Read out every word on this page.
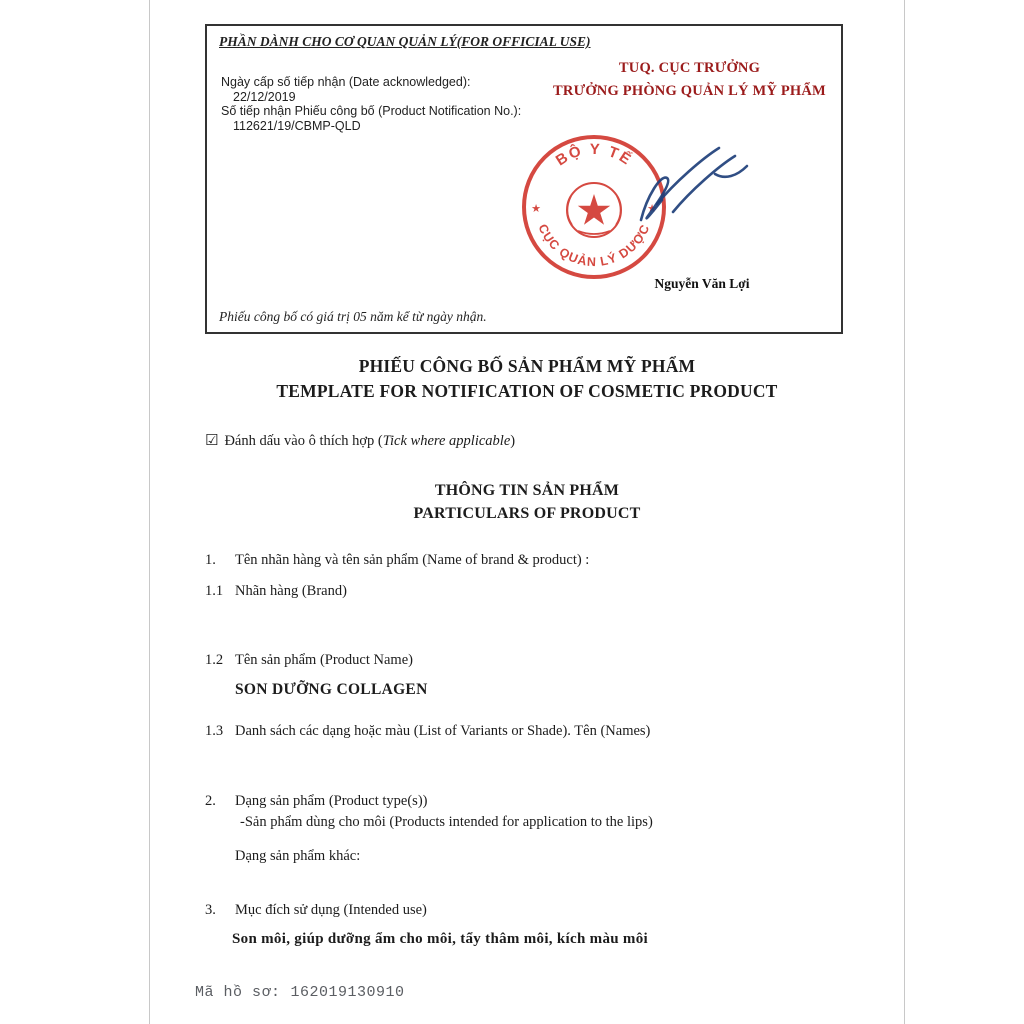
PHẦN DÀNH CHO CƠ QUAN QUẢN LÝ(FOR OFFICIAL USE)
Ngày cấp số tiếp nhận (Date acknowledged):
22/12/2019
Số tiếp nhận Phiếu công bố (Product Notification No.):
112621/19/CBMP-QLD
TUQ. CỤC TRƯỞNG
TRƯỞNG PHÒNG QUẢN LÝ MỸ PHẨM
BỘ Y TẾ
CỤC QUẢN LÝ DƯỢC
★	★
Nguyễn Văn Lợi
Phiếu công bố có giá trị 05 năm kể từ ngày nhận.
PHIẾU CÔNG BỐ SẢN PHẨM MỸ PHẨM
TEMPLATE FOR NOTIFICATION OF COSMETIC PRODUCT
☑ Đánh dấu vào ô thích hợp (Tick where applicable)
THÔNG TIN SẢN PHẨM
PARTICULARS OF PRODUCT
1. Tên nhãn hàng và tên sản phẩm (Name of brand & product) :
1.1 Nhãn hàng (Brand)
1.2 Tên sản phẩm (Product Name)
SON DƯỠNG COLLAGEN
1.3 Danh sách các dạng hoặc màu (List of Variants or Shade). Tên (Names)
2. Dạng sản phẩm (Product type(s))
-Sản phẩm dùng cho môi (Products intended for application to the lips)
Dạng sản phẩm khác:
3. Mục đích sử dụng (Intended use)
Son môi, giúp dưỡng ẩm cho môi, tẩy thâm môi, kích màu môi
Mã hồ sơ: 162019130910
